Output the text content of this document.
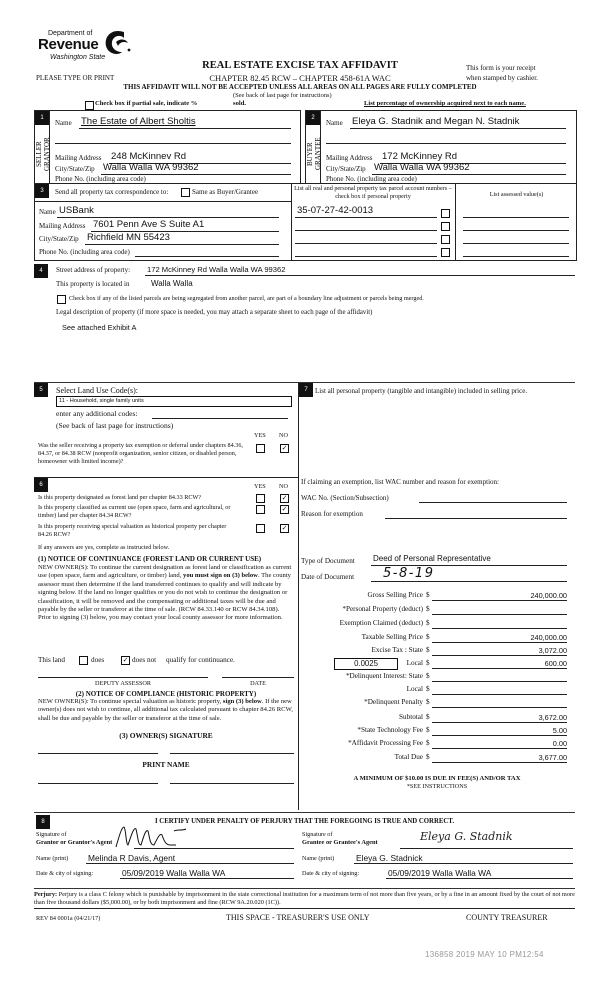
Department of
Revenue
Washington State
REAL ESTATE EXCISE TAX AFFIDAVIT
PLEASE TYPE OR PRINT	CHAPTER 82.45 RCW – CHAPTER 458-61A WAC
This form is your receipt
when stamped by cashier.
THIS AFFIDAVIT WILL NOT BE ACCEPTED UNLESS ALL AREAS ON ALL PAGES ARE FULLY COMPLETED
(See back of last page for instructions)
Check box if partial sale, indicate %	sold.	List percentage of ownership acquired next to each name.
1
SELLER
GRANTOR
Name The Estate of Albert Sholtis
Mailing Address 248 McKinnev Rd
City/State/Zip Walla Walla WA 99362
Phone No. (including area code)
2
BUYER
GRANTEE
Name Eleya G. Stadnik and Megan N. Stadnik
Mailing Address 172 McKinney Rd
City/State/Zip Walla Walla WA 99362
Phone No. (including area code)
3	Send all property tax correspondence to:	Same as Buyer/Grantee
Name USBank
Mailing Address 7601 Penn Ave S Suite A1
City/State/Zip Richfield MN 55423
Phone No. (including area code)
List all real and personal property tax parcel account numbers – check box if personal property	List assessed value(s)
35-07-27-42-0013
4	Street address of property: 172 McKinney Rd Walla Walla WA 99362
This property is located in	Walla Walla
Check box if any of the listed parcels are being segregated from another parcel, are part of a boundary line adjustment or parcels being merged.
Legal description of property (if more space is needed, you may attach a separate sheet to each page of the affidavit)
See attached Exhibit A
5	Select Land Use Code(s):
11 - Household, single family units
enter any additional codes:
(See back of last page for instructions)
YES NO
Was the seller receiving a property tax exemption or deferral under chapters 84.36, 84.37, or 84.38 RCW (nonprofit organization, senior citizen, or disabled person, homeowner with limited income)?
✓
6	YES NO
Is this property designated as forest land per chapter 84.33 RCW?	✓
Is this property classified as current use (open space, farm and agricultural, or timber) land per chapter 84.34 RCW?
✓
Is this property receiving special valuation as historical property per chapter 84.26 RCW?
✓
If any answers are yes, complete as instructed below.
(1) NOTICE OF CONTINUANCE (FOREST LAND OR CURRENT USE)
NEW OWNER(S): To continue the current designation as forest land or classification as current use (open space, farm and agriculture, or timber) land, you must sign on (3) below. The county assessor must then determine if the land transferred continues to qualify and will indicate by signing below. If the land no longer qualifies or you do not wish to continue the designation or classification, it will be removed and the compensating or additional taxes will be due and payable by the seller or transferor at the time of sale. (RCW 84.33.140 or RCW 84.34.108). Prior to signing (3) below, you may contact your local county assessor for more information.
This land	does	✓ does not qualify for continuance.
DEPUTY ASSESSOR	DATE
(2) NOTICE OF COMPLIANCE (HISTORIC PROPERTY)
NEW OWNER(S): To continue special valuation as historic property, sign (3) below. If the new owner(s) does not wish to continue, all additional tax calculated pursuant to chapter 84.26 RCW, shall be due and payable by the seller or transferor at the time of sale.
(3) OWNER(S) SIGNATURE
PRINT NAME
7	List all personal property (tangible and intangible) included in selling price.
If claiming an exemption, list WAC number and reason for exemption:
WAC No. (Section/Subsection)
Reason for exemption
Type of Document Deed of Personal Representative
Date of Document 5-8-19
Gross Selling Price $	240,000.00
*Personal Property (deduct) $
Exemption Claimed (deduct) $
Taxable Selling Price $	240,000.00
Excise Tax : State $	3,072.00
0.0025	Local $	600.00
*Delinquent Interest: State $
Local $
*Delinquent Penalty $
Subtotal $	3,672.00
*State Technology Fee $	5.00
*Affidavit Processing Fee $	0.00
Total Due $	3,677.00
A MINIMUM OF $10.00 IS DUE IN FEE(S) AND/OR TAX
*SEE INSTRUCTIONS
8	I CERTIFY UNDER PENALTY OF PERJURY THAT THE FOREGOING IS TRUE AND CORRECT.
Signature of
Grantor or Grantor's Agent
Name (print) Melinda R Davis, Agent
Date & city of signing:	05/09/2019 Walla Walla WA
Signature of
Grantee or Grantee's Agent	Eleya G. Stadnik
Name (print)	Eleya G. Stadnick
Date & city of signing:	05/09/2019 Walla Walla WA
Perjury: Perjury is a class C felony which is punishable by imprisonment in the state correctional institution for a maximum term of not more than five years, or by a fine in an amount fixed by the court of not more than five thousand dollars ($5,000.00), or by both imprisonment and fine (RCW 9A.20.020 (1C)).
REV 84 0001a (04/21/17)	THIS SPACE - TREASURER'S USE ONLY	COUNTY TREASURER
136858 2019 MAY 10 PM12:54
